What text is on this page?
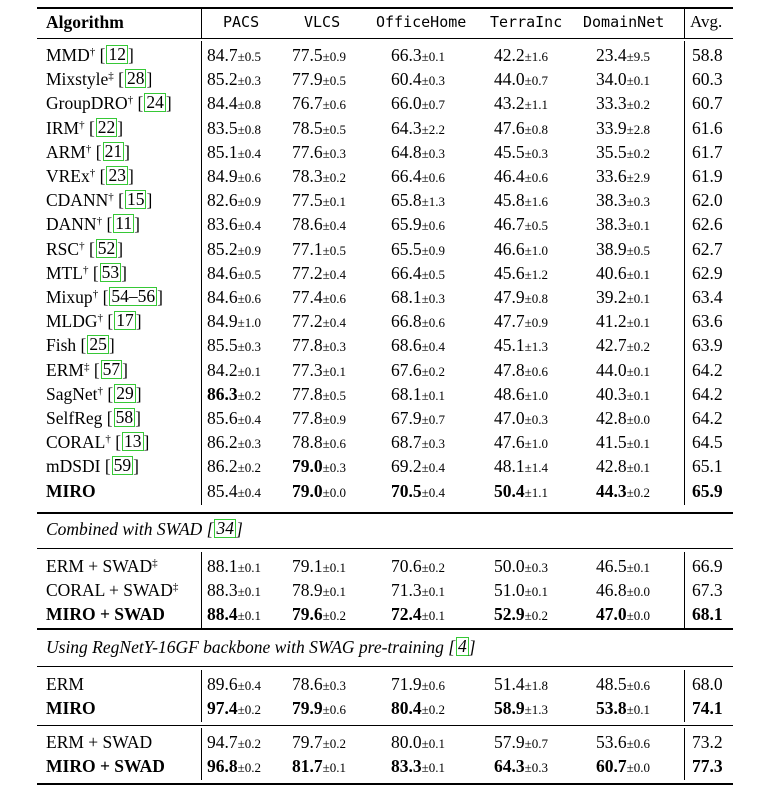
Algorithm	PACS	VLCS OfficeHome TerraInc DomainNet Avg.
MMD† [ 12 ]	84.7±0.5 77.5±0.9	66.3±0.1	42.2±1.6	23.4±9.5 58.8
Mixstyle‡ [ 28 ]	85.2±0.3 77.9±0.5	60.4±0.3	44.0±0.7	34.0±0.1 60.3
GroupDRO† [ 24 ] 84.4±0.8 76.7±0.6	66.0±0.7	43.2±1.1	33.3±0.2 60.7
IRM† [ 22 ]	83.5±0.8 78.5±0.5	64.3±2.2	47.6±0.8	33.9±2.8 61.6
ARM† [ 21 ]	85.1±0.4 77.6±0.3	64.8±0.3	45.5±0.3	35.5±0.2 61.7
VREx† [ 23 ]	84.9±0.6 78.3±0.2	66.4±0.6	46.4±0.6	33.6±2.9 61.9
CDANN† [ 15 ]	82.6±0.9 77.5±0.1	65.8±1.3	45.8±1.6	38.3±0.3 62.0
DANN† [ 11 ]	83.6±0.4 78.6±0.4	65.9±0.6	46.7±0.5	38.3±0.1 62.6
RSC† [ 52 ]	85.2±0.9 77.1±0.5	65.5±0.9	46.6±1.0	38.9±0.5 62.7
MTL† [ 53 ]	84.6±0.5 77.2±0.4	66.4±0.5	45.6±1.2	40.6±0.1 62.9
Mixup† [ 54–56 ]	84.6±0.6 77.4±0.6	68.1±0.3	47.9±0.8	39.2±0.1 63.4
MLDG† [ 17 ]	84.9±1.0 77.2±0.4	66.8±0.6	47.7±0.9	41.2±0.1 63.6
Fish [ 25 ]	85.5±0.3 77.8±0.3	68.6±0.4	45.1±1.3	42.7±0.2 63.9
ERM‡ [ 57 ]	84.2±0.1 77.3±0.1	67.6±0.2	47.8±0.6	44.0±0.1 64.2
SagNet† [ 29 ]	86.3±0.2 77.8±0.5	68.1±0.1	48.6±1.0	40.3±0.1 64.2
SelfReg [ 58 ]	85.6±0.4 77.8±0.9	67.9±0.7	47.0±0.3	42.8±0.0 64.2
CORAL† [ 13 ]	86.2±0.3 78.8±0.6	68.7±0.3	47.6±1.0	41.5±0.1 64.5
mDSDI [ 59 ]	86.2±0.2 79.0±0.3	69.2±0.4	48.1±1.4	42.8±0.1 65.1
MIRO	85.4±0.4 79.0±0.0	70.5±0.4	50.4±1.1	44.3±0.2 65.9
Combined with SWAD [ 34 ]
ERM + SWAD‡	88.1±0.1 79.1±0.1	70.6±0.2	50.0±0.3	46.5±0.1 66.9
CORAL + SWAD‡ 88.3±0.1 78.9±0.1	71.3±0.1	51.0±0.1	46.8±0.0 67.3
MIRO + SWAD 88.4±0.1 79.6±0.2	72.4±0.1	52.9±0.2	47.0±0.0 68.1
Using RegNetY-16GF backbone with SWAG pre-training [ 4 ]
ERM	89.6±0.4 78.6±0.3	71.9±0.6	51.4±1.8	48.5±0.6 68.0
MIRO	97.4±0.2 79.9±0.6	80.4±0.2	58.9±1.3	53.8±0.1 74.1
ERM + SWAD	94.7±0.2 79.7±0.2	80.0±0.1	57.9±0.7	53.6±0.6 73.2
MIRO + SWAD 96.8±0.2 81.7±0.1	83.3±0.1	64.3±0.3	60.7±0.0 77.3
